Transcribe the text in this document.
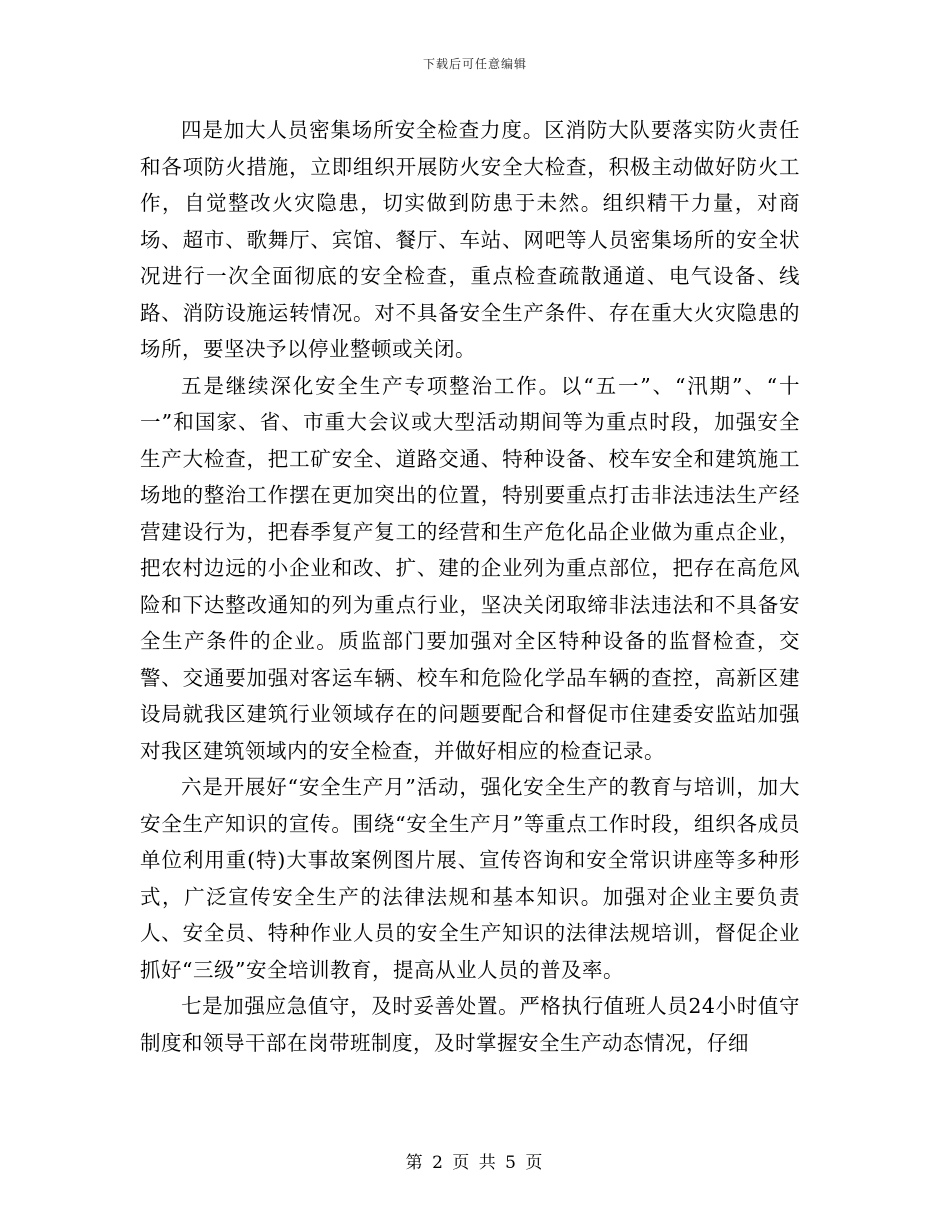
下载后可任意编辑

四是加大人员密集场所安全检查力度。区消防大队要落实防火责任和各项防火措施，立即组织开展防火安全大检查，积极主动做好防火工作，自觉整改火灾隐患，切实做到防患于未然。组织精干力量，对商场、超市、歌舞厅、宾馆、餐厅、车站、网吧等人员密集场所的安全状况进行一次全面彻底的安全检查，重点检查疏散通道、电气设备、线路、消防设施运转情况。对不具备安全生产条件、存在重大火灾隐患的场所，要坚决予以停业整顿或关闭。

五是继续深化安全生产专项整治工作。以“五一”、“汛期”、“十一”和国家、省、市重大会议或大型活动期间等为重点时段，加强安全生产大检查，把工矿安全、道路交通、特种设备、校车安全和建筑施工场地的整治工作摆在更加突出的位置，特别要重点打击非法违法生产经营建设行为，把春季复产复工的经营和生产危化品企业做为重点企业，把农村边远的小企业和改、扩、建的企业列为重点部位，把存在高危风险和下达整改通知的列为重点行业，坚决关闭取缔非法违法和不具备安全生产条件的企业。质监部门要加强对全区特种设备的监督检查，交警、交通要加强对客运车辆、校车和危险化学品车辆的查控，高新区建设局就我区建筑行业领域存在的问题要配合和督促市住建委安监站加强对我区建筑领域内的安全检查，并做好相应的检查记录。

六是开展好“安全生产月”活动，强化安全生产的教育与培训，加大安全生产知识的宣传。围绕“安全生产月”等重点工作时段，组织各成员单位利用重(特)大事故案例图片展、宣传咨询和安全常识讲座等多种形式，广泛宣传安全生产的法律法规和基本知识。加强对企业主要负责人、安全员、特种作业人员的安全生产知识的法律法规培训，督促企业抓好“三级”安全培训教育，提高从业人员的普及率。

七是加强应急值守，及时妥善处置。严格执行值班人员24小时值守制度和领导干部在岗带班制度，及时掌握安全生产动态情况，仔细

第 2 页 共 5 页
